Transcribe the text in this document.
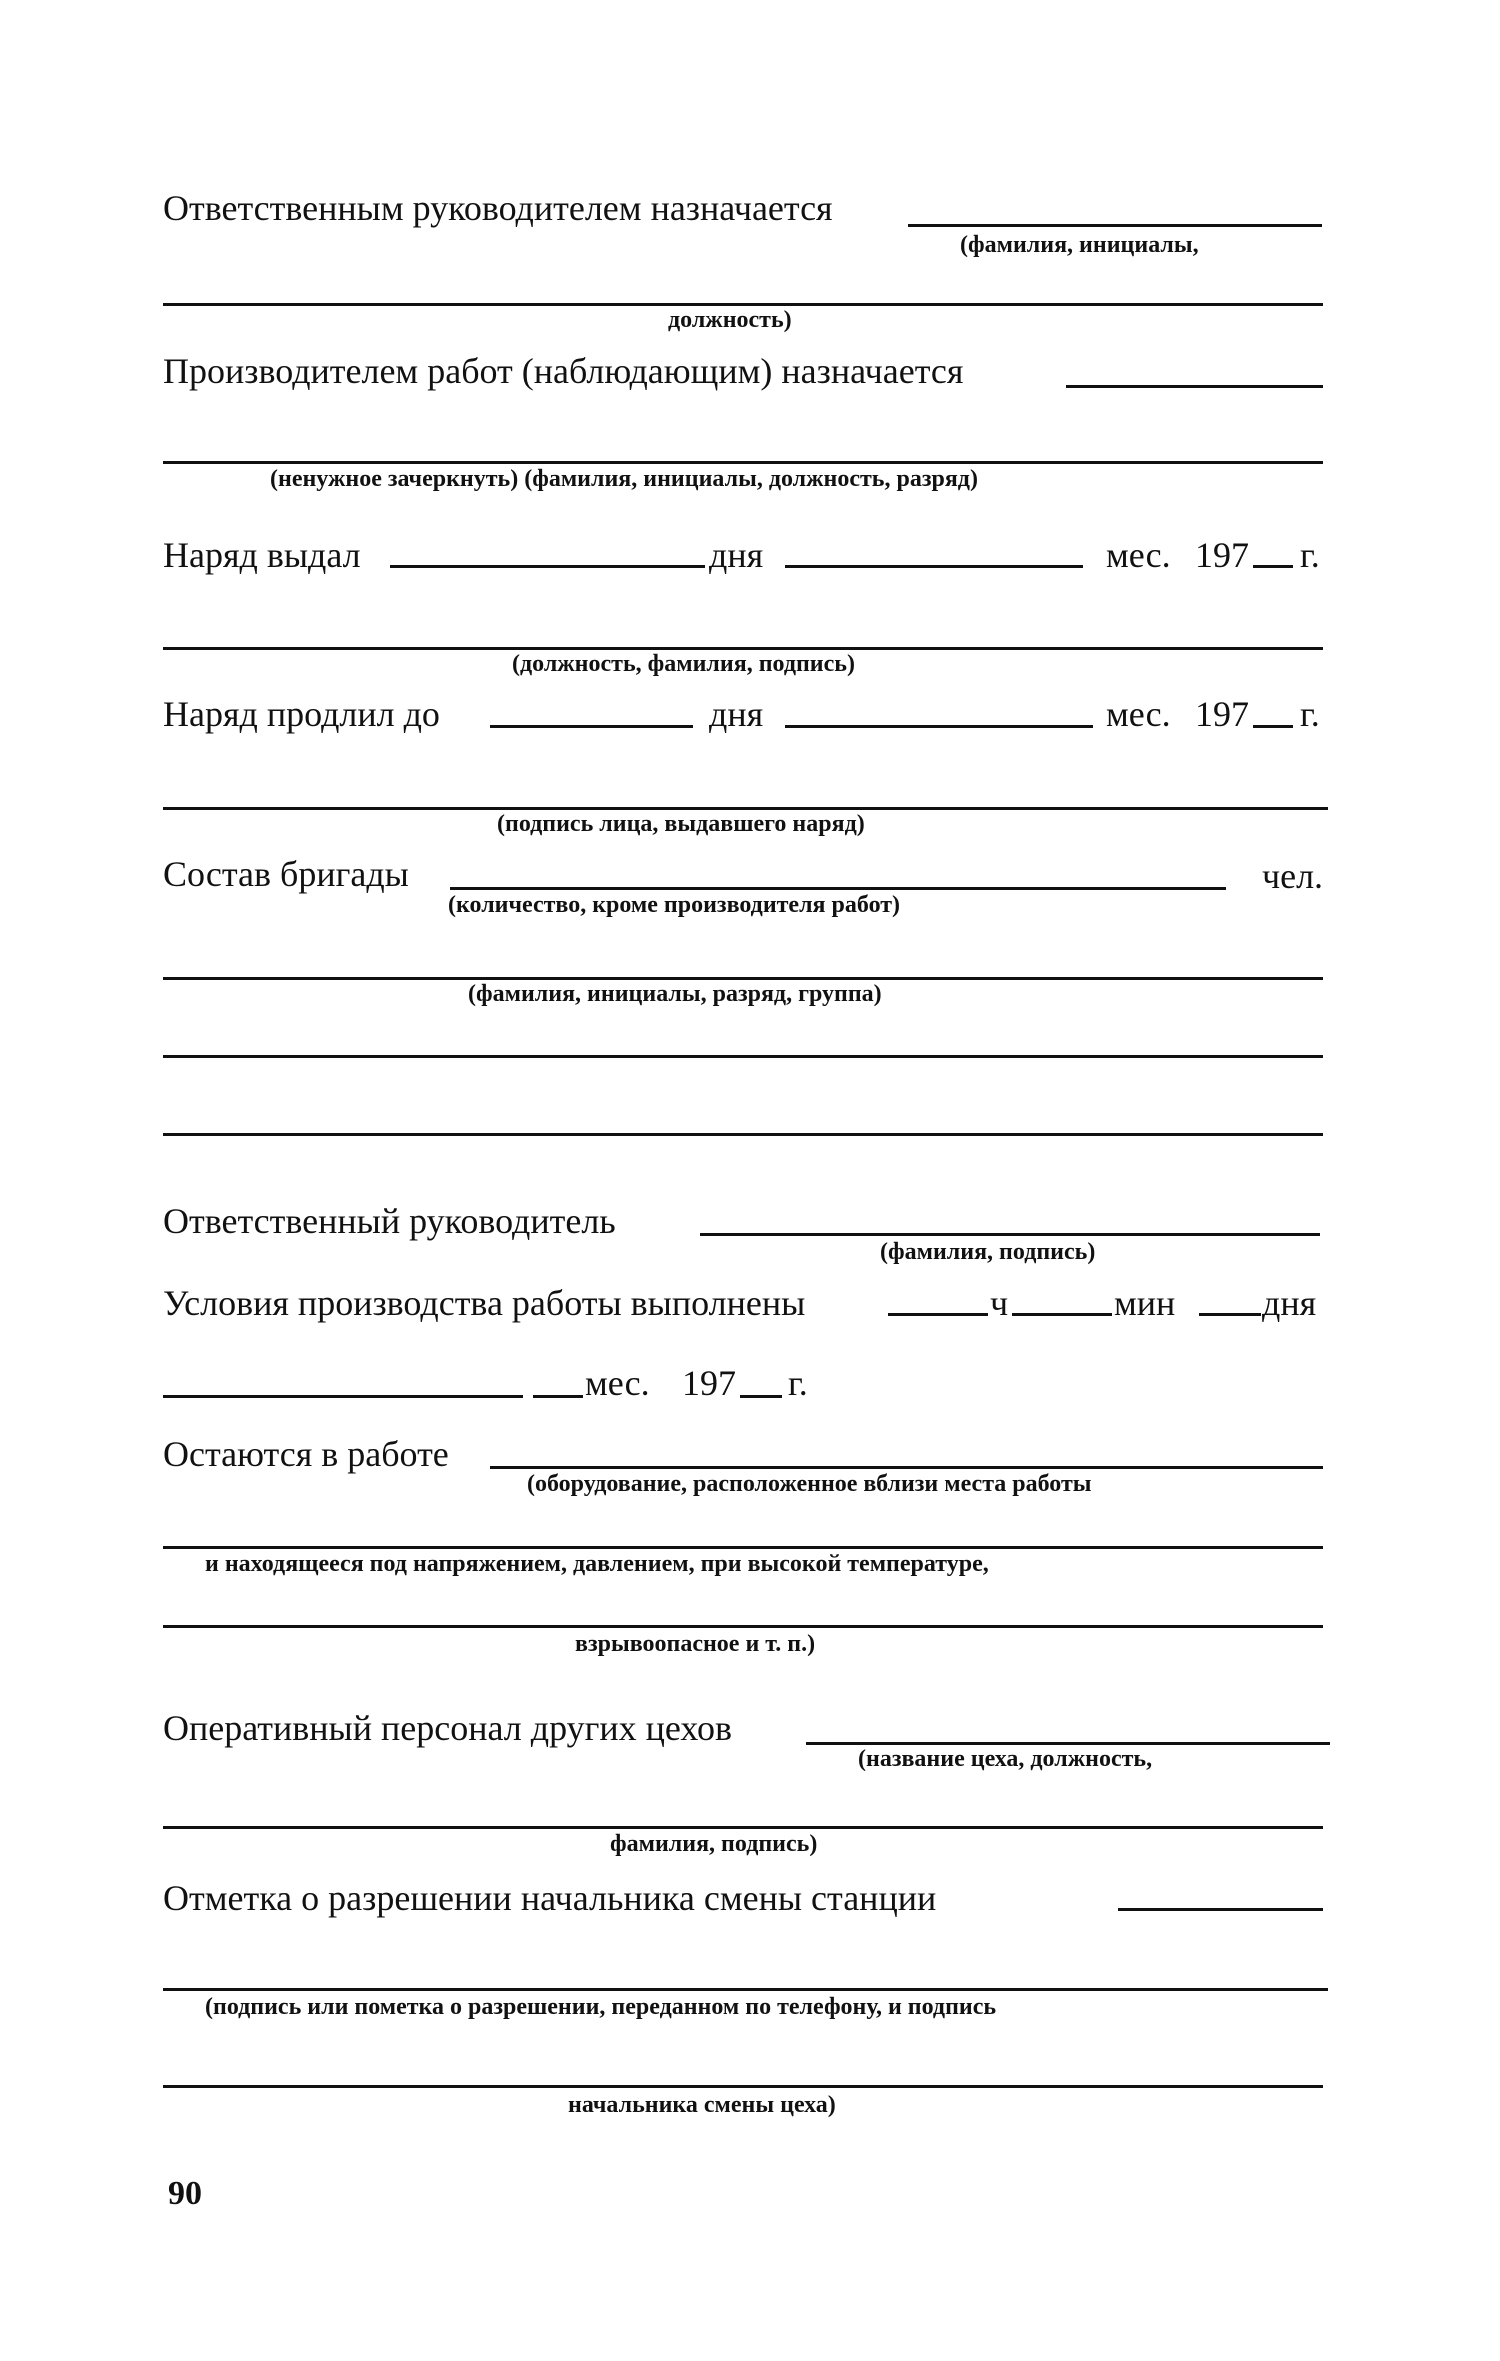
Ответственным руководителем назначается
(фамилия, инициалы,
должность)
Производителем работ (наблюдающим) назначается
(ненужное зачеркнуть) (фамилия, инициалы, должность, разряд)
Наряд выдал	дня	мес. 197 г.
(должность, фамилия, подпись)
Наряд продлил до	дня	мес. 197 г.
(подпись лица, выдавшего наряд)
Состав бригады	чел.
(количество, кроме производителя работ)
(фамилия, инициалы, разряд, группа)
Ответственный руководитель
(фамилия, подпись)
Условия производства работы выполнены	ч	мин дня
мес. 197 г.
Остаются в работе
(оборудование, расположенное вблизи места работы
и находящееся под напряжением, давлением, при высокой температуре,
взрывоопасное и т. п.)
Оперативный персонал других цехов
(название цеха, должность,
фамилия, подпись)
Отметка о разрешении начальника смены станции
(подпись или пометка о разрешении, переданном по телефону, и подпись
начальника смены цеха)
90
